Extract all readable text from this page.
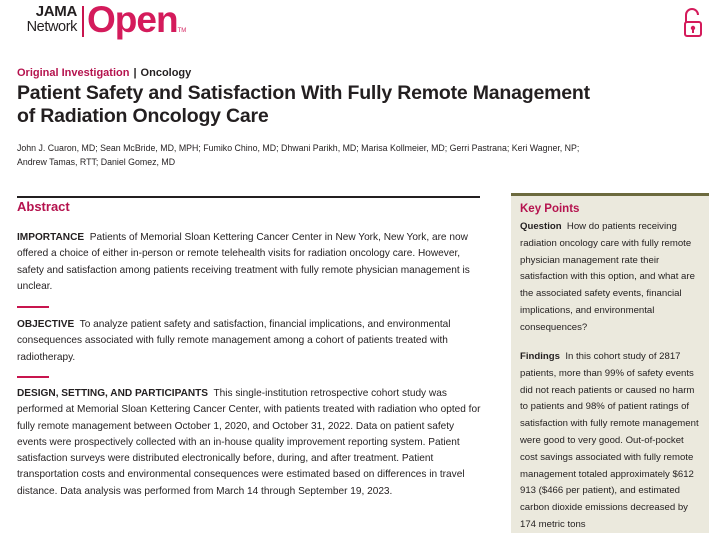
JAMA
Network OpenTM
Original Investigation | Oncology
Patient Safety and Satisfaction With Fully Remote Management
of Radiation Oncology Care
John J. Cuaron, MD; Sean McBride, MD, MPH; Fumiko Chino, MD; Dhwani Parikh, MD; Marisa Kollmeier, MD; Gerri Pastrana; Keri Wagner, NP;
Andrew Tamas, RTT; Daniel Gomez, MD
Abstract

IMPORTANCE Patients of Memorial Sloan Kettering Cancer Center in New York, New York, are now offered a choice of either in-person or remote telehealth visits for radiation oncology care. However, safety and satisfaction among patients receiving treatment with fully remote physician management is unclear.

OBJECTIVE To analyze patient safety and satisfaction, financial implications, and environmental consequences associated with fully remote management among a cohort of patients treated with radiotherapy.

DESIGN, SETTING, AND PARTICIPANTS This single-institution retrospective cohort study was performed at Memorial Sloan Kettering Cancer Center, with patients treated with radiation who opted for fully remote management between October 1, 2020, and October 31, 2022. Data on patient safety events were prospectively collected with an in-house quality improvement reporting system. Patient satisfaction surveys were distributed electronically before, during, and after treatment. Patient transportation costs and environmental consequences were estimated based on differences in travel distance. Data analysis was performed from March 14 through September 19, 2023.

Key Points

Question How do patients receiving radiation oncology care with fully remote physician management rate their satisfaction with this option, and what are the associated safety events, financial implications, and environmental consequences?

Findings In this cohort study of 2817 patients, more than 99% of safety events did not reach patients or caused no harm to patients and 98% of patient ratings of satisfaction with fully remote management were good to very good. Out-of-pocket cost savings associated with fully remote management totaled approximately $612 913 ($466 per patient), and estimated carbon dioxide emissions decreased by 174 metric tons
